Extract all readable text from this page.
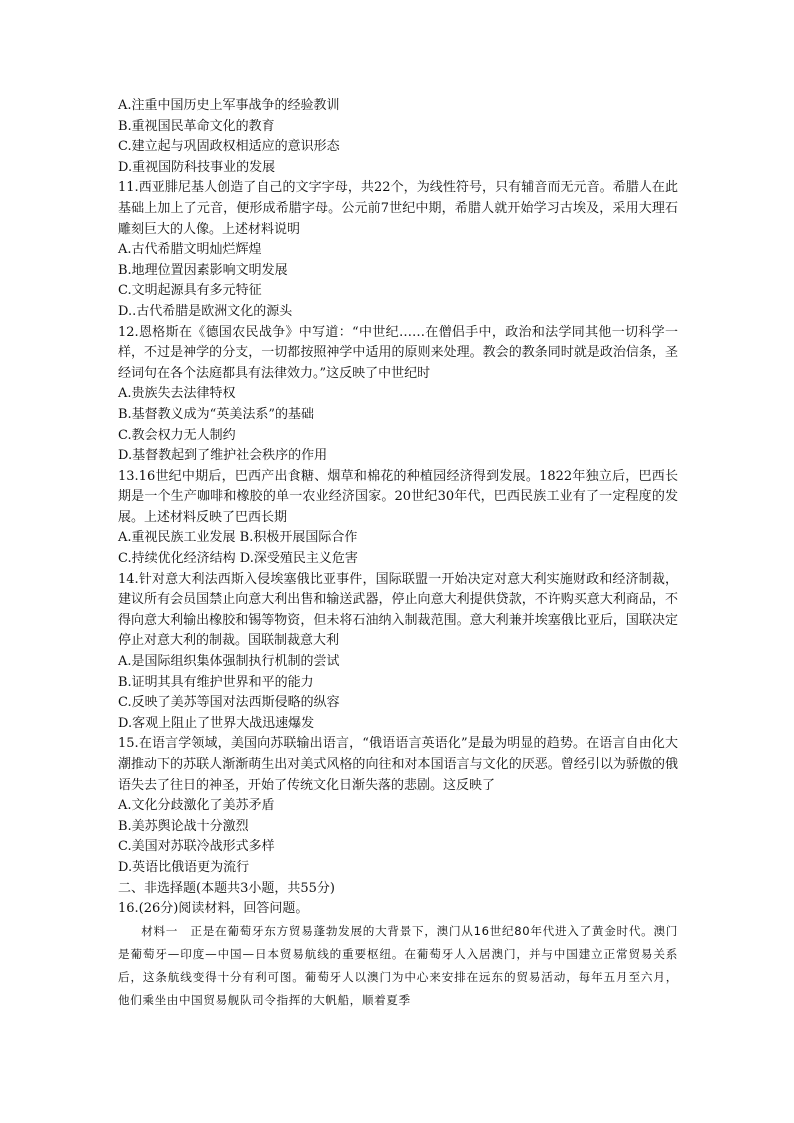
A.注重中国历史上军事战争的经验教训

B.重视国民革命文化的教育

C.建立起与巩固政权相适应的意识形态

D.重视国防科技事业的发展

11.西亚腓尼基人创造了自己的文字字母，共22个，为线性符号，只有辅音而无元音。希腊人在此基础上加上了元音，便形成希腊字母。公元前7世纪中期，希腊人就开始学习古埃及，采用大理石雕刻巨大的人像。上述材料说明

A.古代希腊文明灿烂辉煌

B.地理位置因素影响文明发展

C.文明起源具有多元特征

D..古代希腊是欧洲文化的源头

12.恩格斯在《德国农民战争》中写道：“中世纪……在僧侣手中，政治和法学同其他一切科学一样，不过是神学的分支，一切都按照神学中适用的原则来处理。教会的教条同时就是政治信条，圣经词句在各个法庭都具有法律效力。”这反映了中世纪时

A.贵族失去法律特权

B.基督教义成为“英美法系”的基础

C.教会权力无人制约

D.基督教起到了维护社会秩序的作用

13.16世纪中期后，巴西产出食糖、烟草和棉花的种植园经济得到发展。1822年独立后，巴西长期是一个生产咖啡和橡胶的单一农业经济国家。20世纪30年代，巴西民族工业有了一定程度的发展。上述材料反映了巴西长期

A.重视民族工业发展 B.积极开展国际合作

C.持续优化经济结构 D.深受殖民主义危害

14.针对意大利法西斯入侵埃塞俄比亚事件，国际联盟一开始决定对意大利实施财政和经济制裁，建议所有会员国禁止向意大利出售和输送武器，停止向意大利提供贷款，不许购买意大利商品，不得向意大利输出橡胶和锡等物资，但未将石油纳入制裁范围。意大利兼并埃塞俄比亚后，国联决定停止对意大利的制裁。国联制裁意大利

A.是国际组织集体强制执行机制的尝试

B.证明其具有维护世界和平的能力

C.反映了美苏等国对法西斯侵略的纵容

D.客观上阻止了世界大战迅速爆发

15.在语言学领域，美国向苏联输出语言，“俄语语言英语化”是最为明显的趋势。在语言自由化大潮推动下的苏联人渐渐萌生出对美式风格的向往和对本国语言与文化的厌恶。曾经引以为骄傲的俄语失去了往日的神圣，开始了传统文化日渐失落的悲剧。这反映了

A.文化分歧激化了美苏矛盾

B.美苏舆论战十分激烈

C.美国对苏联冷战形式多样

D.英语比俄语更为流行

二、非选择题(本题共3小题，共55分)

16.(26分)阅读材料，回答问题。

材料一　正是在葡萄牙东方贸易蓬勃发展的大背景下，澳门从16世纪80年代进入了黄金时代。澳门是葡萄牙—印度—中国—日本贸易航线的重要枢纽。在葡萄牙人入居澳门，并与中国建立正常贸易关系后，这条航线变得十分有利可图。葡萄牙人以澳门为中心来安排在远东的贸易活动，每年五月至六月，他们乘坐由中国贸易舰队司令指挥的大帆船，顺着夏季
